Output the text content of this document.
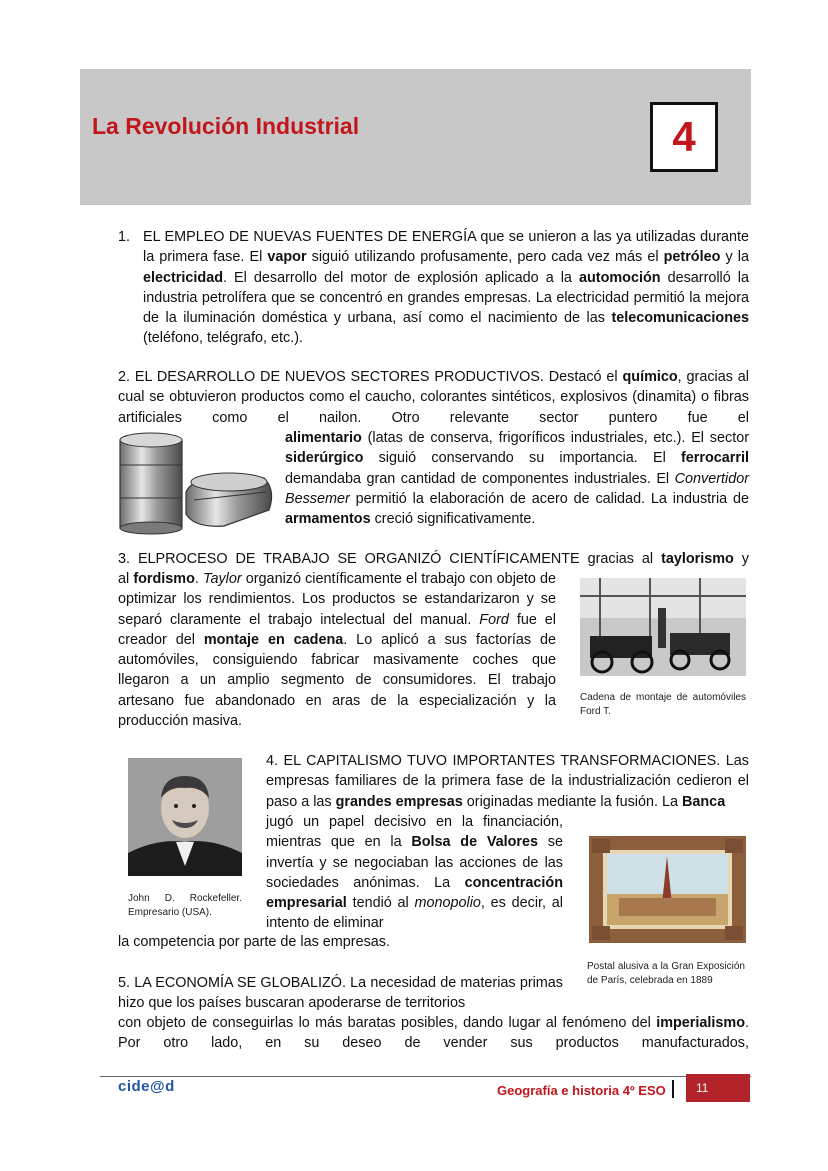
La Revolución Industrial	4
1. EL EMPLEO DE NUEVAS FUENTES DE ENERGÍA que se unieron a las ya utilizadas durante la primera fase. El vapor siguió utilizando profusamente, pero cada vez más el petróleo y la electricidad. El desarrollo del motor de explosión aplicado a la automoción desarrolló la industria petrolífera que se concentró en grandes empresas. La electricidad permitió la mejora de la iluminación doméstica y urbana, así como el nacimiento de las telecomunicaciones (teléfono, telégrafo, etc.).

2. EL DESARROLLO DE NUEVOS SECTORES PRODUCTIVOS. Destacó el químico, gracias al cual se obtuvieron productos como el caucho, colorantes sintéticos, explosivos (dinamita) o fibras artificiales como el nailon. Otro relevante sector puntero fue el

alimentario (latas de conserva, frigoríficos industriales, etc.). El sector siderúrgico siguió conservando su importancia. El ferrocarril demandaba gran cantidad de componentes industriales. El Convertidor Bessemer permitió la elaboración de acero de calidad. La industria de armamentos creció significativamente.

3. ELPROCESO DE TRABAJO SE ORGANIZÓ CIENTÍFICAMENTE gracias al taylorismo y

al fordismo. Taylor organizó científicamente el trabajo con objeto de optimizar los rendimientos. Los productos se estandarizaron y se separó claramente el trabajo intelectual del manual. Ford fue el creador del montaje en cadena. Lo aplicó a sus factorías de automóviles, consiguiendo fabricar masivamente coches que llegaron a un amplio segmento de consumidores. El trabajo artesano fue abandonado en aras de la especialización y la producción masiva.

Cadena de montaje de automóviles Ford T.
John D. Rockefeller. Empresario (USA).

4. EL CAPITALISMO TUVO IMPORTANTES TRANSFORMACIONES. Las empresas familiares de la primera fase de la industrialización cedieron el paso a las grandes empresas originadas mediante la fusión. La Banca

jugó un papel decisivo en la financiación, mientras que en la Bolsa de Valores se invertía y se negociaban las acciones de las sociedades anónimas. La concentración empresarial tendió al monopolio, es decir, al intento de eliminar

la competencia por parte de las empresas.

Postal alusiva a la Gran Exposición de París, celebrada en 1889

5. LA ECONOMÍA SE GLOBALIZÓ. La necesidad de materias primas hizo que los países buscaran apoderarse de territorios

con objeto de conseguirlas lo más baratas posibles, dando lugar al fenómeno del imperialismo. Por otro lado, en su deseo de vender sus productos manufacturados,

cide@d	Geografía e historia 4º ESO	11
